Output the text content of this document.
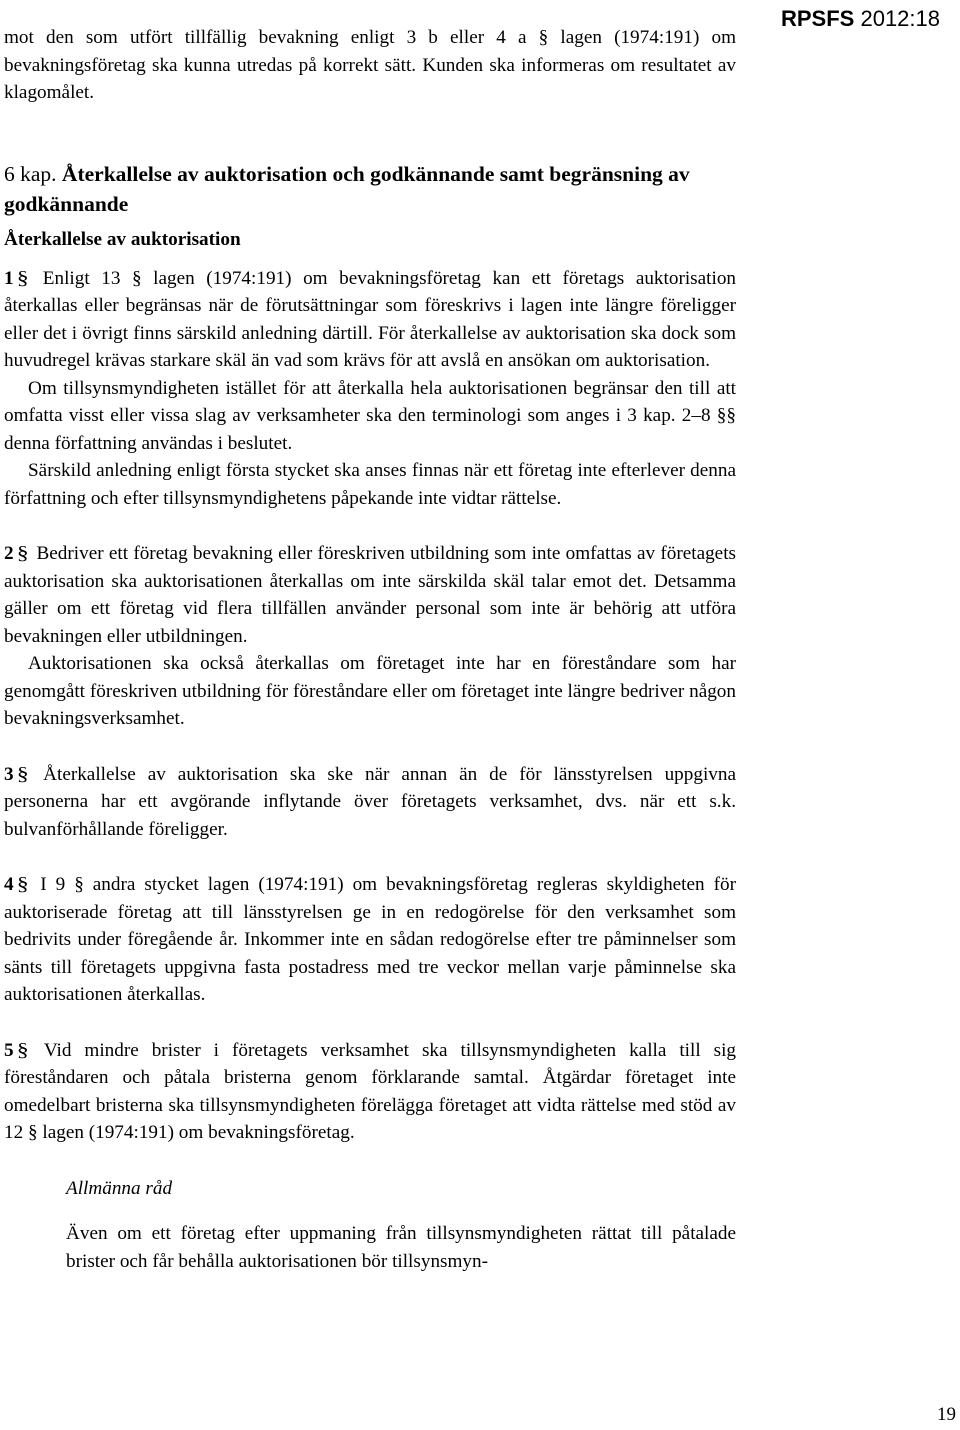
RPSFS 2012:18

mot den som utfört tillfällig bevakning enligt 3 b eller 4 a § lagen (1974:191) om bevakningsföretag ska kunna utredas på korrekt sätt. Kunden ska informeras om resultatet av klagomålet.

6 kap. Återkallelse av auktorisation och godkännande samt begränsning av godkännande
Återkallelse av auktorisation

1 § Enligt 13 § lagen (1974:191) om bevakningsföretag kan ett företags auktorisation återkallas eller begränsas när de förutsättningar som föreskrivs i lagen inte längre föreligger eller det i övrigt finns särskild anledning därtill. För återkallelse av auktorisation ska dock som huvudregel krävas starkare skäl än vad som krävs för att avslå en ansökan om auktorisation.

Om tillsynsmyndigheten istället för att återkalla hela auktorisationen begränsar den till att omfatta visst eller vissa slag av verksamheter ska den terminologi som anges i 3 kap. 2–8 §§ denna författning användas i beslutet.

Särskild anledning enligt första stycket ska anses finnas när ett företag inte efterlever denna författning och efter tillsynsmyndighetens påpekande inte vidtar rättelse.

2 § Bedriver ett företag bevakning eller föreskriven utbildning som inte omfattas av företagets auktorisation ska auktorisationen återkallas om inte särskilda skäl talar emot det. Detsamma gäller om ett företag vid flera tillfällen använder personal som inte är behörig att utföra bevakningen eller utbildningen.

Auktorisationen ska också återkallas om företaget inte har en föreståndare som har genomgått föreskriven utbildning för föreståndare eller om företaget inte längre bedriver någon bevakningsverksamhet.

3 § Återkallelse av auktorisation ska ske när annan än de för länsstyrelsen uppgivna personerna har ett avgörande inflytande över företagets verksamhet, dvs. när ett s.k. bulvanförhållande föreligger.

4 § I 9 § andra stycket lagen (1974:191) om bevakningsföretag regleras skyldigheten för auktoriserade företag att till länsstyrelsen ge in en redogörelse för den verksamhet som bedrivits under föregående år. Inkommer inte en sådan redogörelse efter tre påminnelser som sänts till företagets uppgivna fasta postadress med tre veckor mellan varje påminnelse ska auktorisationen återkallas.

5 § Vid mindre brister i företagets verksamhet ska tillsynsmyndigheten kalla till sig föreståndaren och påtala bristerna genom förklarande samtal. Åtgärdar företaget inte omedelbart bristerna ska tillsynsmyndigheten förelägga företaget att vidta rättelse med stöd av 12 § lagen (1974:191) om bevakningsföretag.

Allmänna råd

Även om ett företag efter uppmaning från tillsynsmyndigheten rättat till påtalade brister och får behålla auktorisationen bör tillsynsmyn-

19
